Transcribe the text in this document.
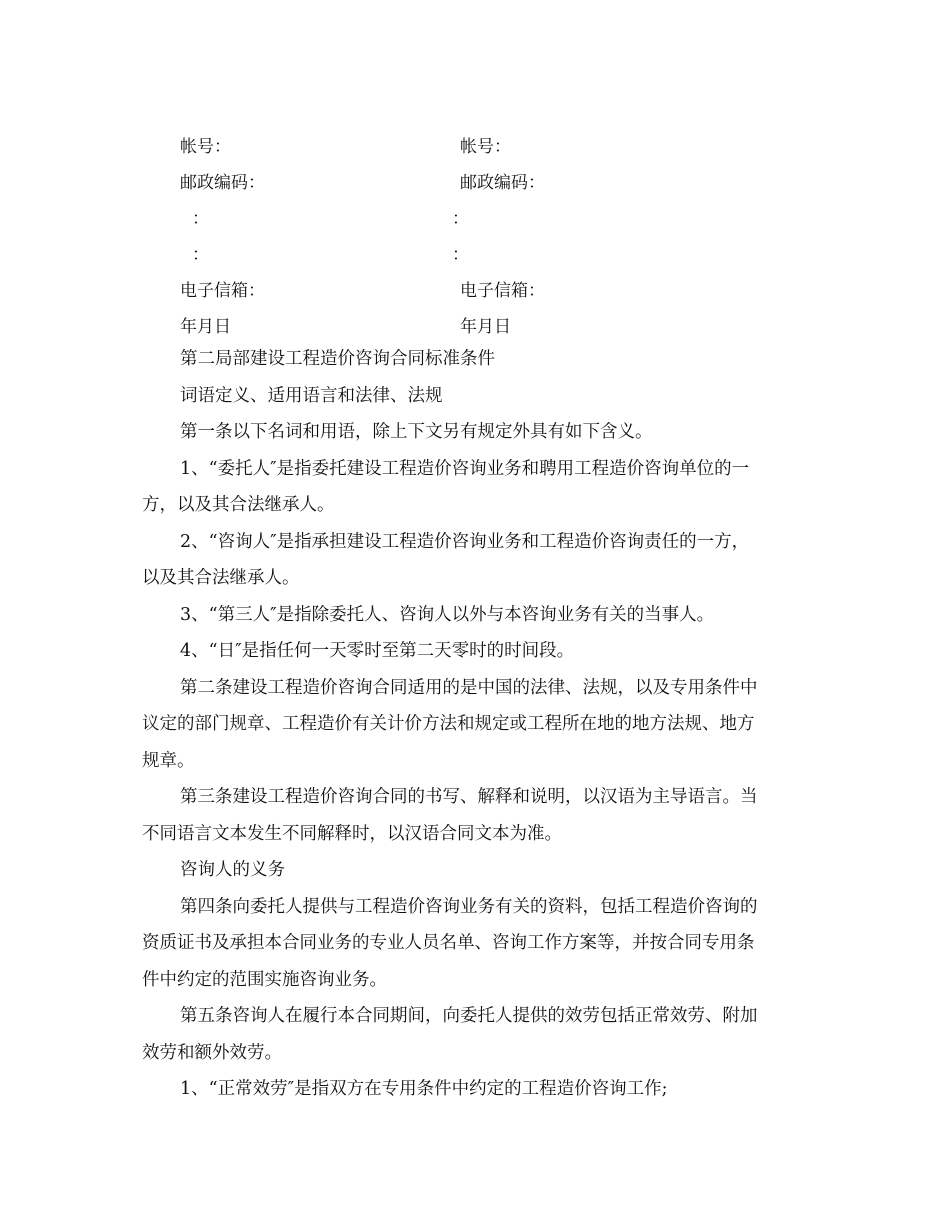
帐号：	帐号：
邮政编码：	邮政编码：
：	：
：	：
电子信箱：	电子信箱：
年月日	年月日
第二局部建设工程造价咨询合同标准条件
词语定义、适用语言和法律、法规
第一条以下名词和用语，除上下文另有规定外具有如下含义。
1、“委托人″是指委托建设工程造价咨询业务和聘用工程造价咨询单位的一
方，以及其合法继承人。
2、“咨询人″是指承担建设工程造价咨询业务和工程造价咨询责任的一方，
以及其合法继承人。
3、“第三人″是指除委托人、咨询人以外与本咨询业务有关的当事人。
4、“日″是指任何一天零时至第二天零时的时间段。
第二条建设工程造价咨询合同适用的是中国的法律、法规，以及专用条件中
议定的部门规章、工程造价有关计价方法和规定或工程所在地的地方法规、地方
规章。
第三条建设工程造价咨询合同的书写、解释和说明，以汉语为主导语言。当
不同语言文本发生不同解释时，以汉语合同文本为准。
咨询人的义务
第四条向委托人提供与工程造价咨询业务有关的资料，包括工程造价咨询的
资质证书及承担本合同业务的专业人员名单、咨询工作方案等，并按合同专用条
件中约定的范围实施咨询业务。
第五条咨询人在履行本合同期间，向委托人提供的效劳包括正常效劳、附加
效劳和额外效劳。
1、“正常效劳″是指双方在专用条件中约定的工程造价咨询工作;
